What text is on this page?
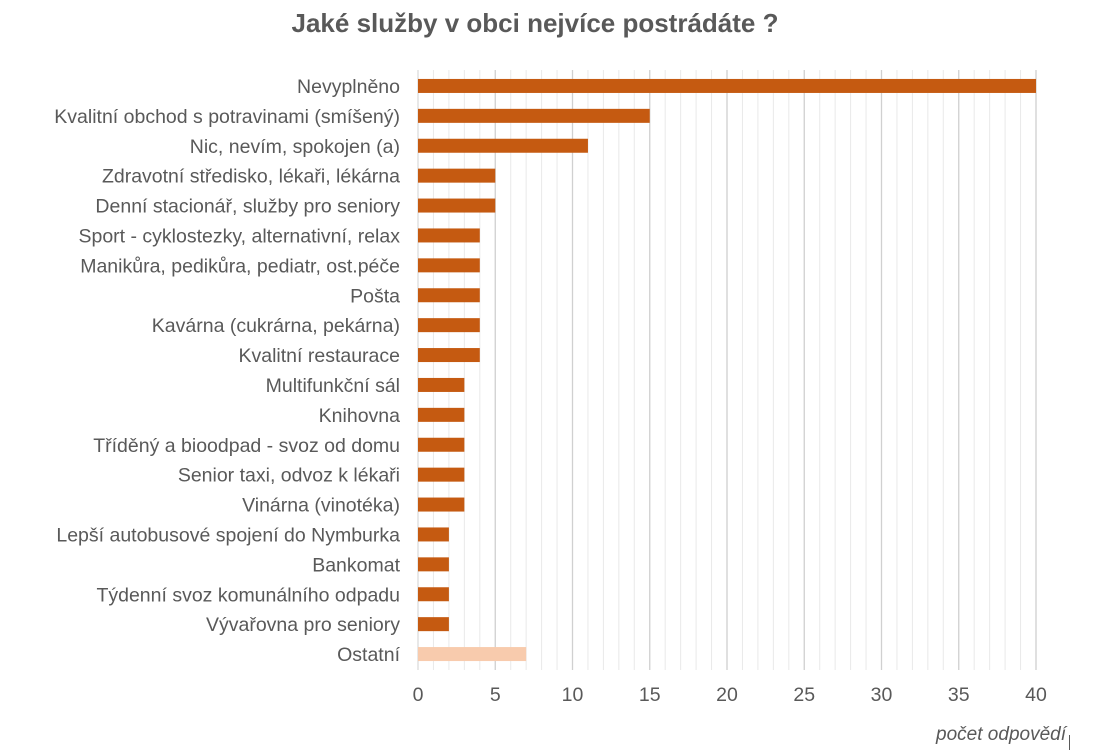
Jaké služby v obci nejvíce postrádáte ?
Nevyplněno
Kvalitní obchod s potravinami (smíšený)
Nic, nevím, spokojen (a)
Zdravotní středisko, lékaři, lékárna
Denní stacionář, služby pro seniory
Sport - cyklostezky, alternativní, relax
Manikůra, pedikůra, pediatr, ost.péče
Pošta
Kavárna (cukrárna, pekárna)
Kvalitní restaurace
Multifunkční sál
Knihovna
Tříděný a bioodpad - svoz od domu
Senior taxi, odvoz k lékaři
Vinárna (vinotéka)
Lepší autobusové spojení do Nymburka
Bankomat
Týdenní svoz komunálního odpadu
Vývařovna pro seniory
Ostatní
0	5	10	15	20	25	30	35	40
počet odpovědí
